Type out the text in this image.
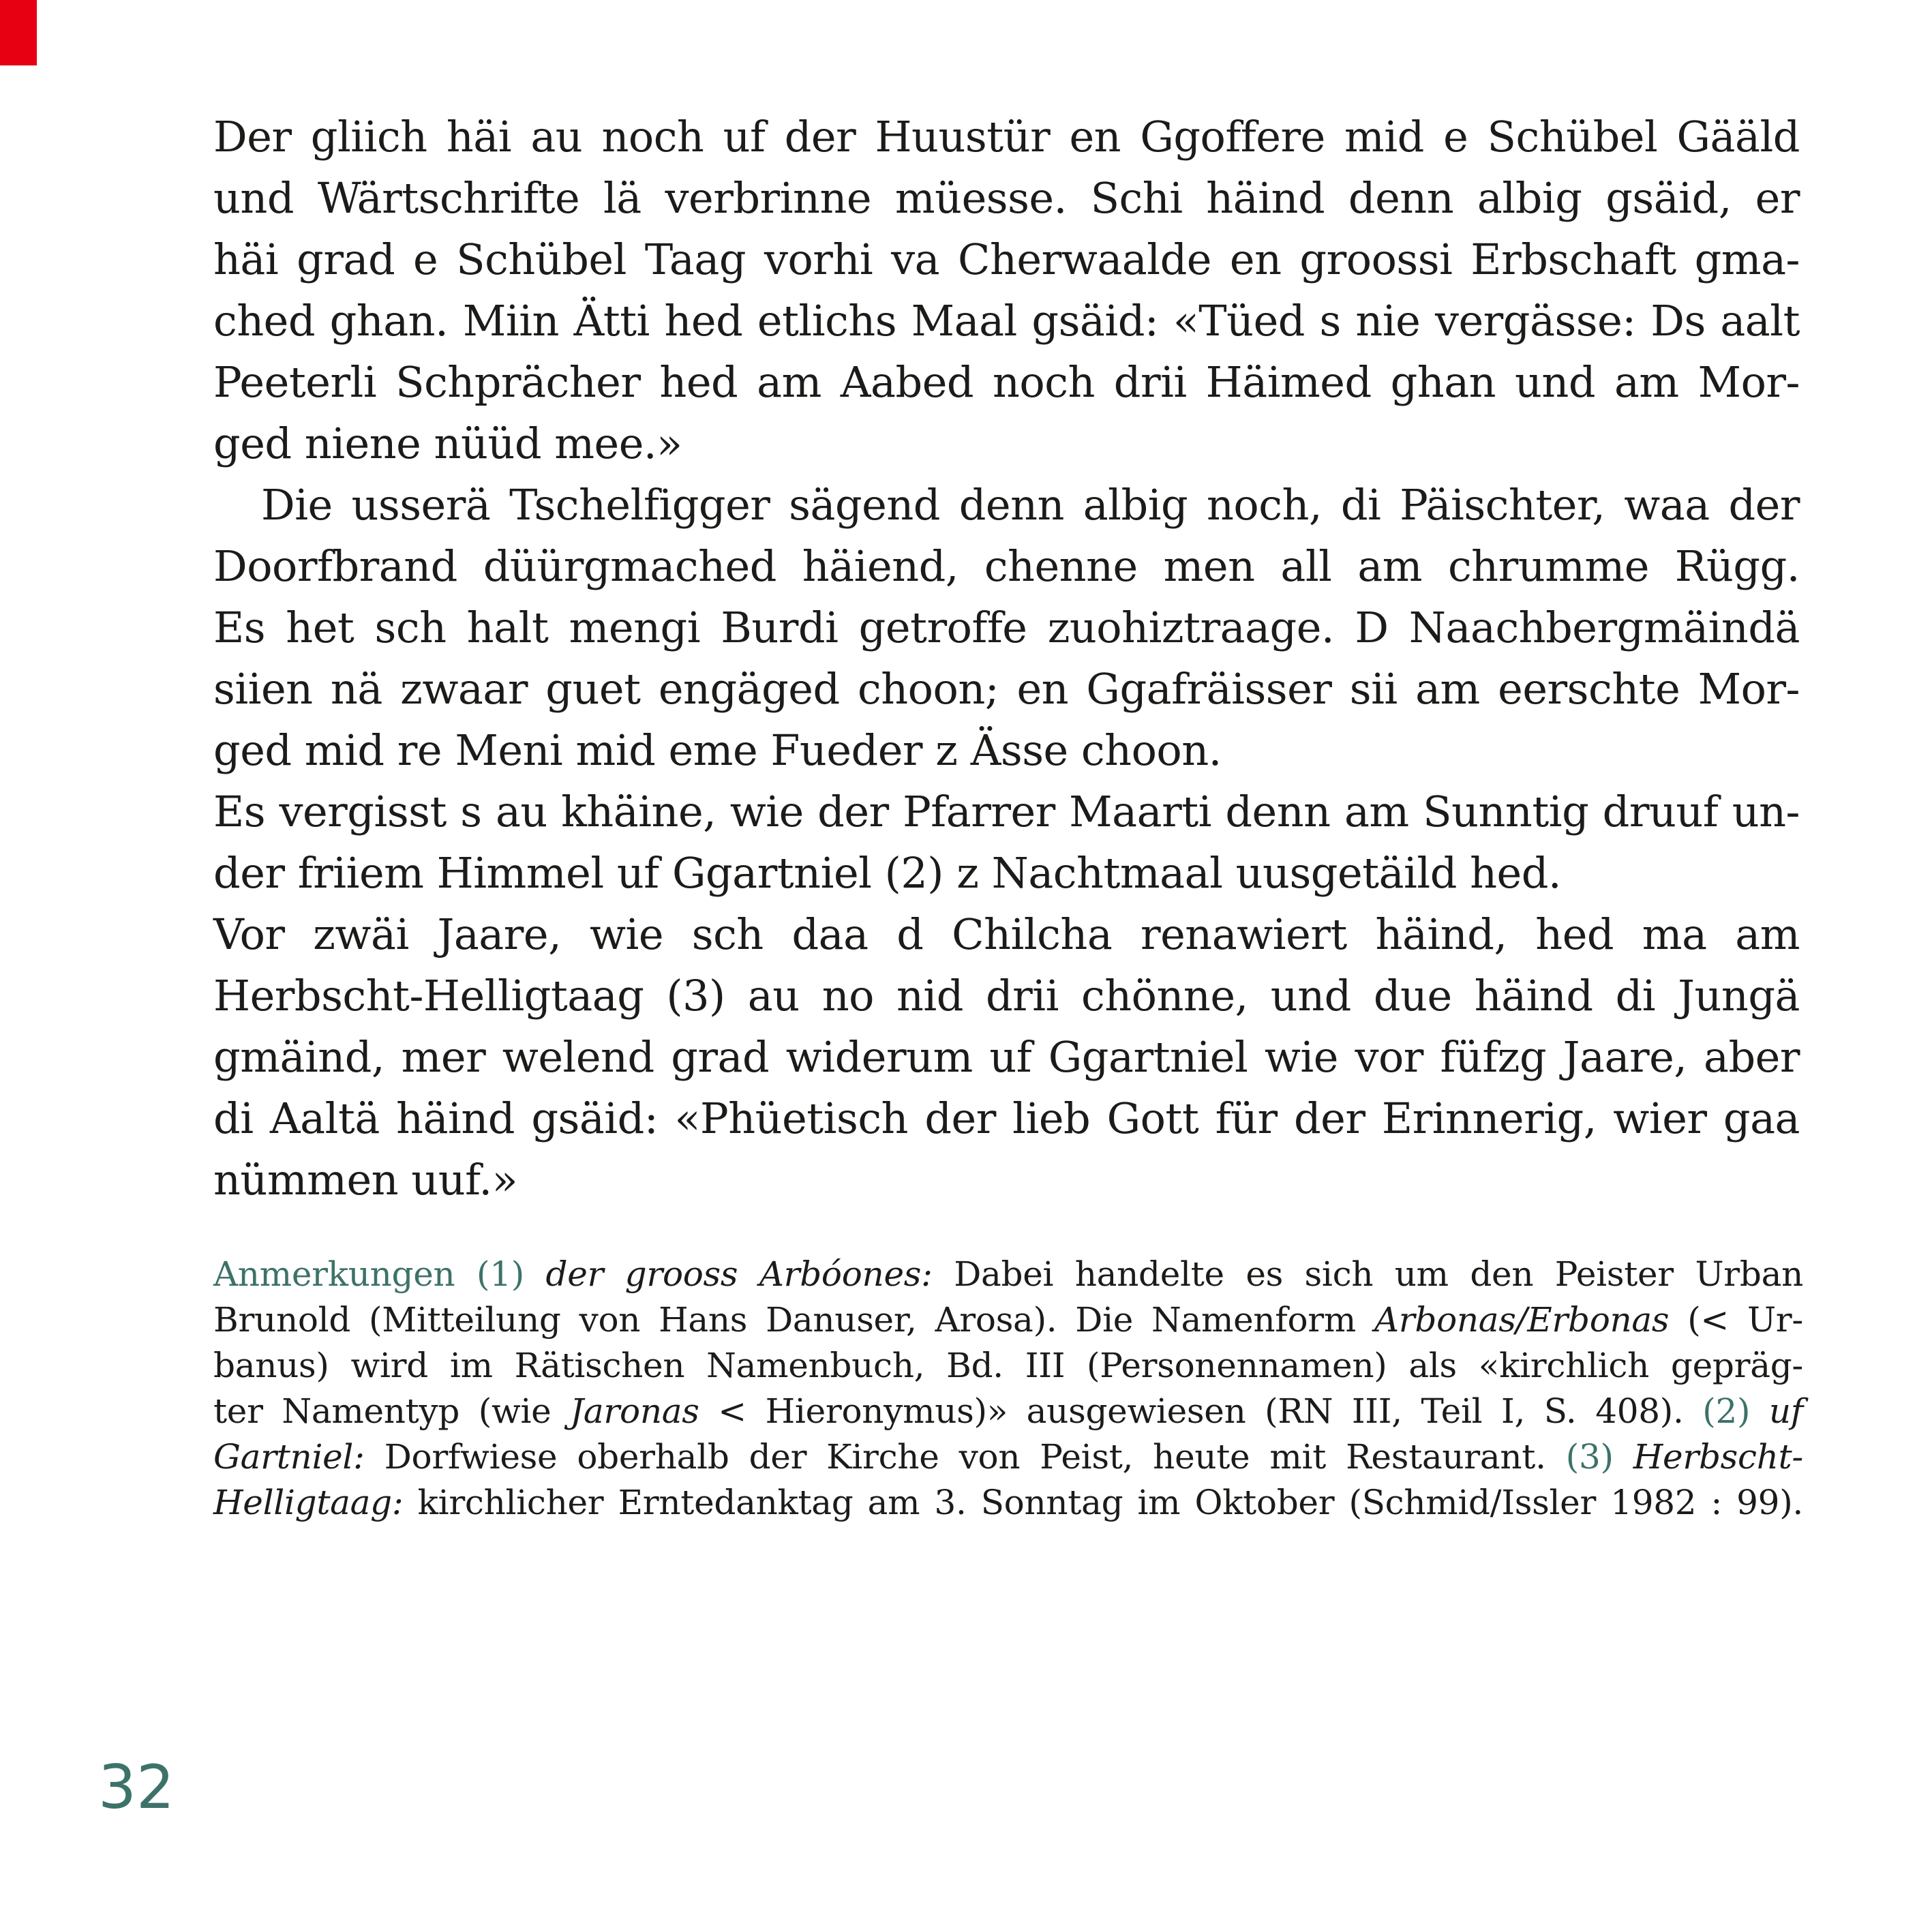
Der gliich häi au noch uf der Huustür en Ggoffere mid e Schübel Gääld
und Wärtschrifte lä verbrinne müesse. Schi häind denn albig gsäid, er
häi grad e Schübel Taag vorhi va Cherwaalde en groossi Erbschaft gma-
ched ghan. Miin Ätti hed etlichs Maal gsäid: «Tüed s nie vergässe: Ds aalt
Peeterli Schprächer hed am Aabed noch drii Häimed ghan und am Mor-
ged niene nüüd mee.»
Die usserä Tschelfigger sägend denn albig noch, di Päischter, waa der
Doorfbrand düürgmached häiend, chenne men all am chrumme Rügg.
Es het sch halt mengi Burdi getroffe zuohiztraage. D Naachbergmäindä
siien nä zwaar guet engäged choon; en Ggafräisser sii am eerschte Mor-
ged mid re Meni mid eme Fueder z Ässe choon.
Es vergisst s au khäine, wie der Pfarrer Maarti denn am Sunntig druuf un-
der friiem Himmel uf Ggartniel (2) z Nachtmaal uusgetäild hed.
Vor zwäi Jaare, wie sch daa d Chilcha renawiert häind, hed ma am
Herbscht-Helligtaag (3) au no nid drii chönne, und due häind di Jungä
gmäind, mer welend grad widerum uf Ggartniel wie vor füfzg Jaare, aber
di Aaltä häind gsäid: «Phüetisch der lieb Gott für der Erinnerig, wier gaa
nümmen uuf.»
Anmerkungen (1) der grooss Arbóones: Dabei handelte es sich um den Peister Urban
Brunold (Mitteilung von Hans Danuser, Arosa). Die Namenform Arbonas/Erbonas (< Ur-
banus) wird im Rätischen Namenbuch, Bd. III (Personennamen) als «kirchlich gepräg-
ter Namentyp (wie Jaronas < Hieronymus)» ausgewiesen (RN III, Teil I, S. 408). (2) uf
Gartniel: Dorfwiese oberhalb der Kirche von Peist, heute mit Restaurant. (3) Herbscht-
Helligtaag: kirchlicher Erntedanktag am 3. Sonntag im Oktober (Schmid/Issler 1982 : 99).
32
